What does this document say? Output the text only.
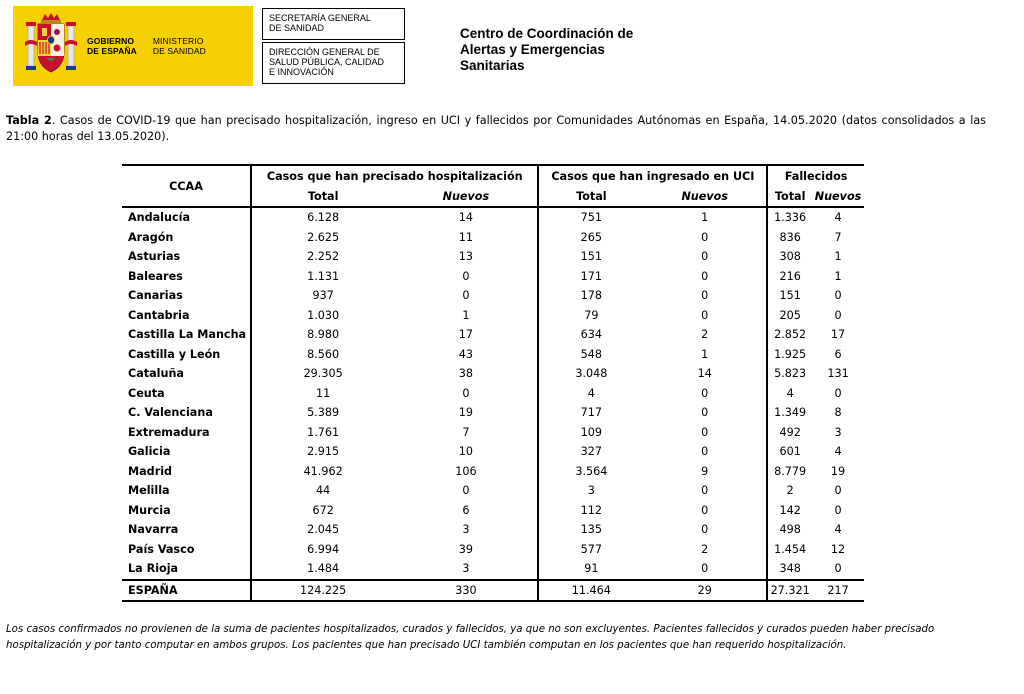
GOBIERNO
DE ESPAÑA
MINISTERIO
DE SANIDAD
SECRETARÍA GENERAL
DE SANIDAD
DIRECCIÓN GENERAL DE
SALUD PÚBLICA, CALIDAD
E INNOVACIÓN
Centro de Coordinación de
Alertas y Emergencias
Sanitarias
Tabla 2. Casos de COVID-19 que han precisado hospitalización, ingreso en UCI y fallecidos por Comunidades Autónomas en España, 14.05.2020 (datos consolidados a las 21:00 horas del 13.05.2020).
CCAA	Casos que han precisado hospitalización		Casos que han ingresado en UCI		Fallecidos	
	Total	Nuevos	Total	Nuevos	Total	Nuevos
Andalucía	6.128	14	751	1	1.336	4
Aragón	2.625	11	265	0	836	7
Asturias	2.252	13	151	0	308	1
Baleares	1.131	0	171	0	216	1
Canarias	937	0	178	0	151	0
Cantabria	1.030	1	79	0	205	0
Castilla La Mancha	8.980	17	634	2	2.852	17
Castilla y León	8.560	43	548	1	1.925	6
Cataluña	29.305	38	3.048	14	5.823	131
Ceuta	11	0	4	0	4	0
C. Valenciana	5.389	19	717	0	1.349	8
Extremadura	1.761	7	109	0	492	3
Galicia	2.915	10	327	0	601	4
Madrid	41.962	106	3.564	9	8.779	19
Melilla	44	0	3	0	2	0
Murcia	672	6	112	0	142	0
Navarra	2.045	3	135	0	498	4
País Vasco	6.994	39	577	2	1.454	12
La Rioja	1.484	3	91	0	348	0
ESPAÑA	124.225	330	11.464	29	27.321	217
Los casos confirmados no provienen de la suma de pacientes hospitalizados, curados y fallecidos, ya que no son excluyentes. Pacientes fallecidos y curados pueden haber precisado hospitalización y por tanto computar en ambos grupos. Los pacientes que han precisado UCI también computan en los pacientes que han requerido hospitalización.
